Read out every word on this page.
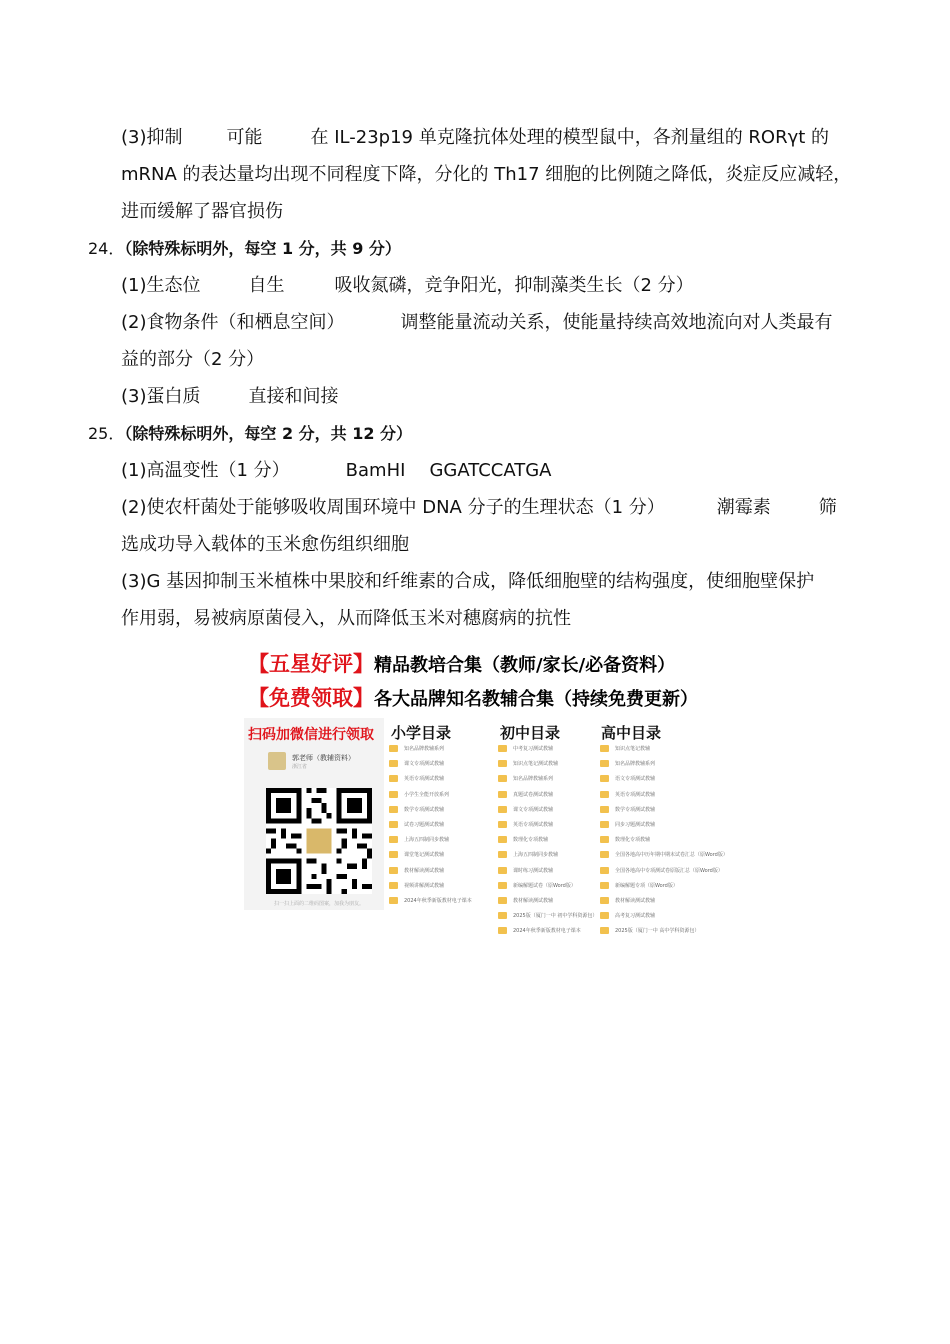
(3)抑制 可能	在 IL-23p19 单克隆抗体处理的模型鼠中，各剂量组的 RORγt 的
mRNA 的表达量均出现不同程度下降，分化的 Th17 细胞的比例随之降低，炎症反应减轻，
进而缓解了器官损伤
24．（除特殊标明外，每空 1 分，共 9 分）
(1)生态位	自生	吸收氮磷，竞争阳光，抑制藻类生长（2 分）
(2)食物条件（和栖息空间）	调整能量流动关系，使能量持续高效地流向对人类最有
益的部分（2 分）
(3)蛋白质	直接和间接
25．（除特殊标明外，每空 2 分，共 12 分）
(1)高温变性（1 分）	BamHI GGATCCATGA
(2)使农杆菌处于能够吸收周围环境中 DNA 分子的生理状态（1 分）	潮霉素	筛
选成功导入载体的玉米愈伤组织细胞
(3)G 基因抑制玉米植株中果胶和纤维素的合成，降低细胞壁的结构强度，使细胞壁保护
作用弱，易被病原菌侵入，从而降低玉米对穗腐病的抗性
【五星好评】精品教培合集（教师/家长/必备资料）
【免费领取】各大品牌知名教辅合集（持续免费更新）
扫码加微信进行领取
郭老师（教辅资料）
浙江省
扫一扫上面的二维码图案，加我为朋友。
小学目录
知名品牌教辅系列
课文专项测试教辅
英语专项测试教辅
小学生全能开放系列
数学专项测试教辅
试卷习题测试教辅
上海五四制同步教辅
课堂笔记测试教辅
教材解读测试教辅
视频讲解测试教辅
2024年秋季新版教材电子课本
初中目录
中考复习测试教辅
知识点笔记测试教辅
知名品牌教辅系列
真题试卷测试教辅
课文专项测试教辅
英语专项测试教辅
数理化专项教辅
上海五四制同步教辅
课时练习测试教辅
新编解题试卷（原Word版）
教材解读测试教辅
2025版（厦门一中 初中学科资源包）
2024年秋季新版教材电子课本
高中目录
知识点笔记教辅
知名品牌教辅系列
语文专项测试教辅
英语专项测试教辅
数学专项测试教辅
同步习题测试教辅
数理化专项教辅
全国各地高中历年期中期末试卷汇总（原Word版）
全国各地高中专项测试卷原版汇总（原Word版）
新编解题专项（原Word版）
教材解读测试教辅
高考复习测试教辅
2025版（厦门一中 高中学科资源包）
